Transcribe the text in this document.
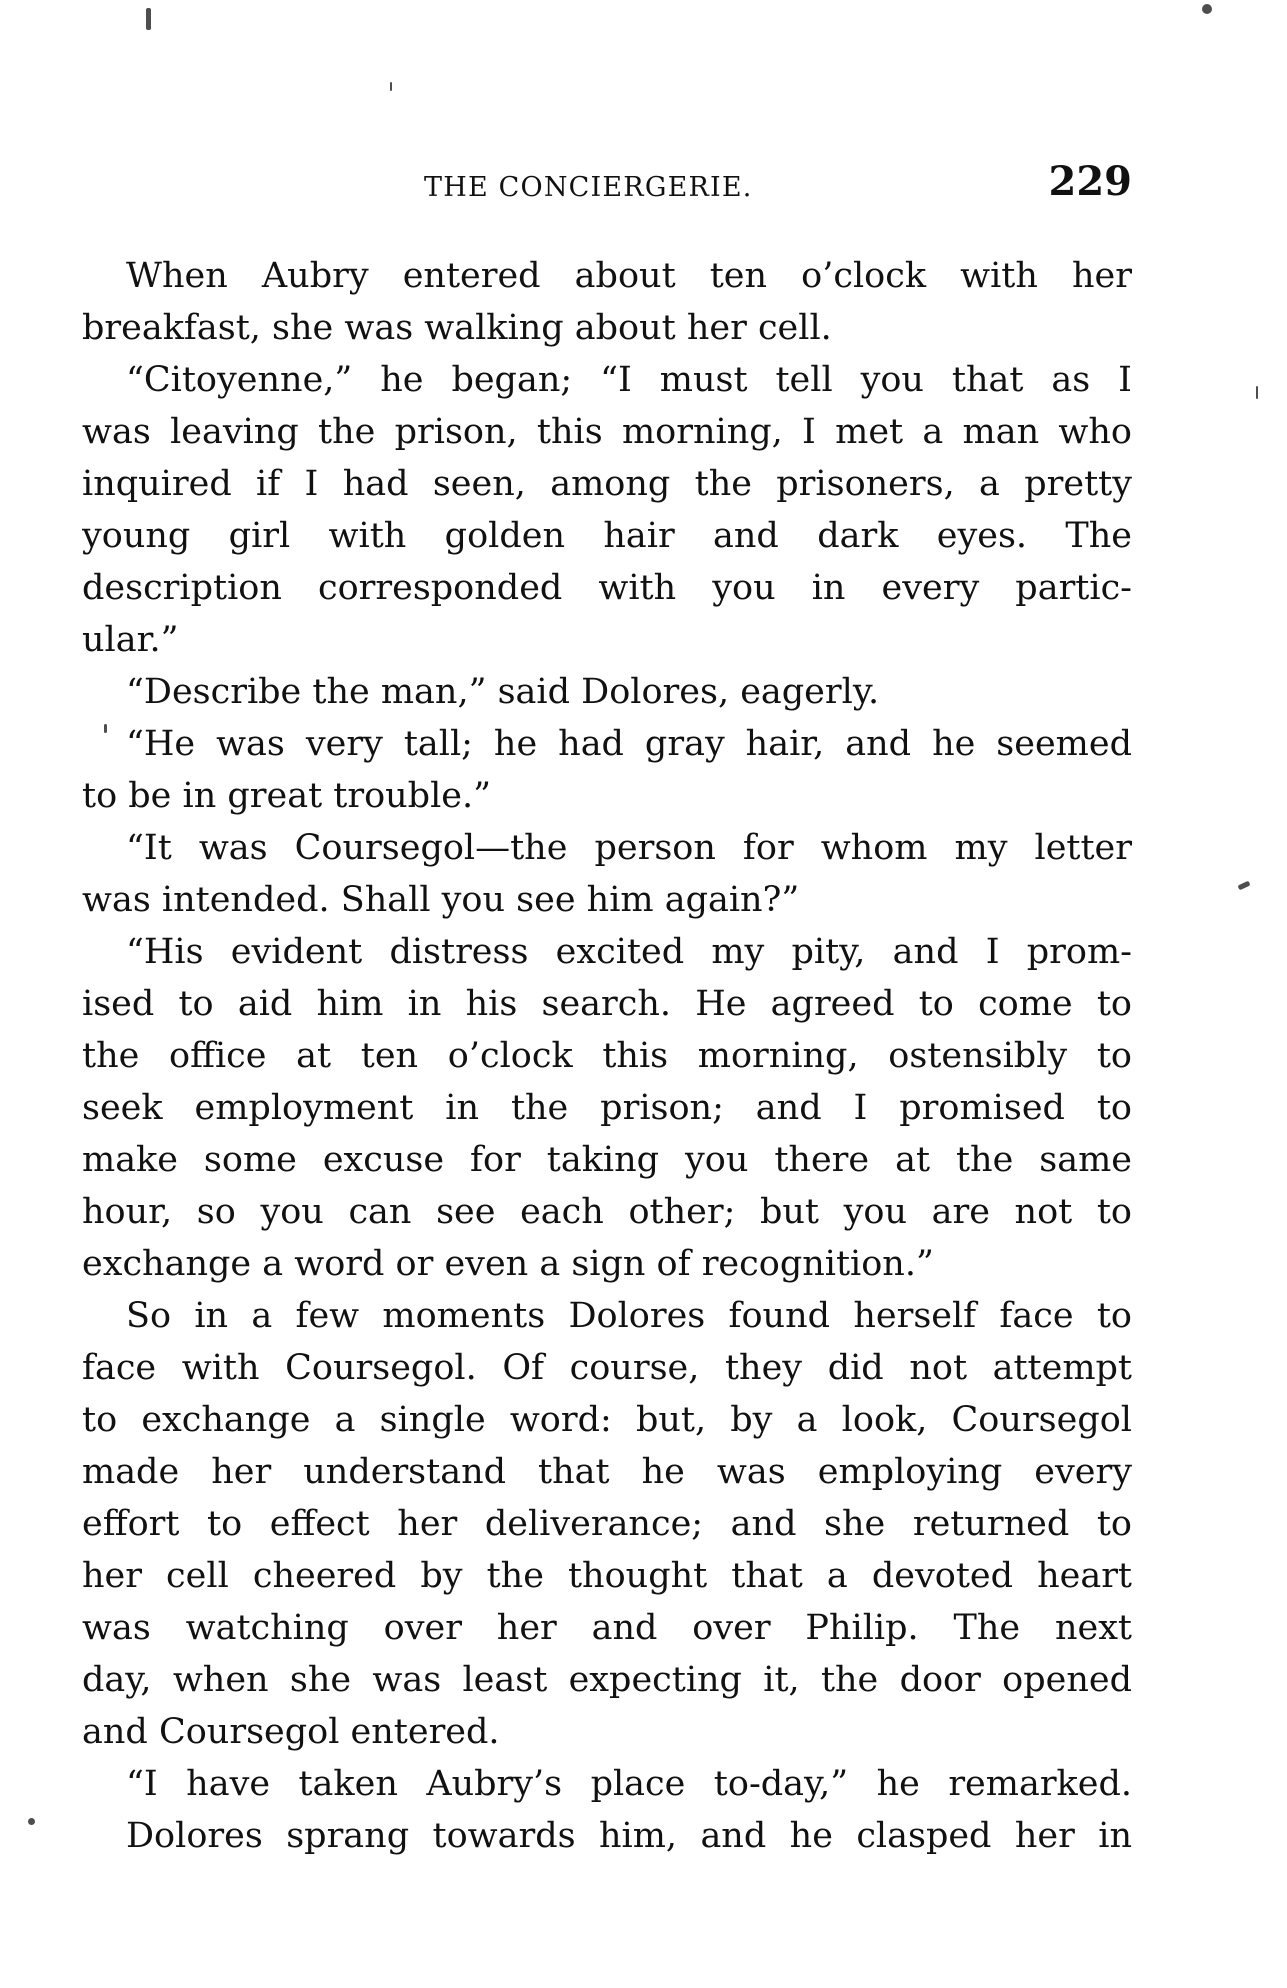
THE CONCIERGERIE.	229
When Aubry entered about ten o’clock with her
breakfast, she was walking about her cell.
“Citoyenne,” he began; “I must tell you that as I
was leaving the prison, this morning, I met a man who
inquired if I had seen, among the prisoners, a pretty
young girl with golden hair and dark eyes. The
description corresponded with you in every partic-
ular.”
“Describe the man,” said Dolores, eagerly.
“He was very tall; he had gray hair, and he seemed
to be in great trouble.”
“It was Coursegol—the person for whom my letter
was intended. Shall you see him again?”
“His evident distress excited my pity, and I prom-
ised to aid him in his search. He agreed to come to
the office at ten o’clock this morning, ostensibly to
seek employment in the prison; and I promised to
make some excuse for taking you there at the same
hour, so you can see each other; but you are not to
exchange a word or even a sign of recognition.”
So in a few moments Dolores found herself face to
face with Coursegol. Of course, they did not attempt
to exchange a single word: but, by a look, Coursegol
made her understand that he was employing every
effort to effect her deliverance; and she returned to
her cell cheered by the thought that a devoted heart
was watching over her and over Philip. The next
day, when she was least expecting it, the door opened
and Coursegol entered.
“I have taken Aubry’s place to-day,” he remarked.
Dolores sprang towards him, and he clasped her in
